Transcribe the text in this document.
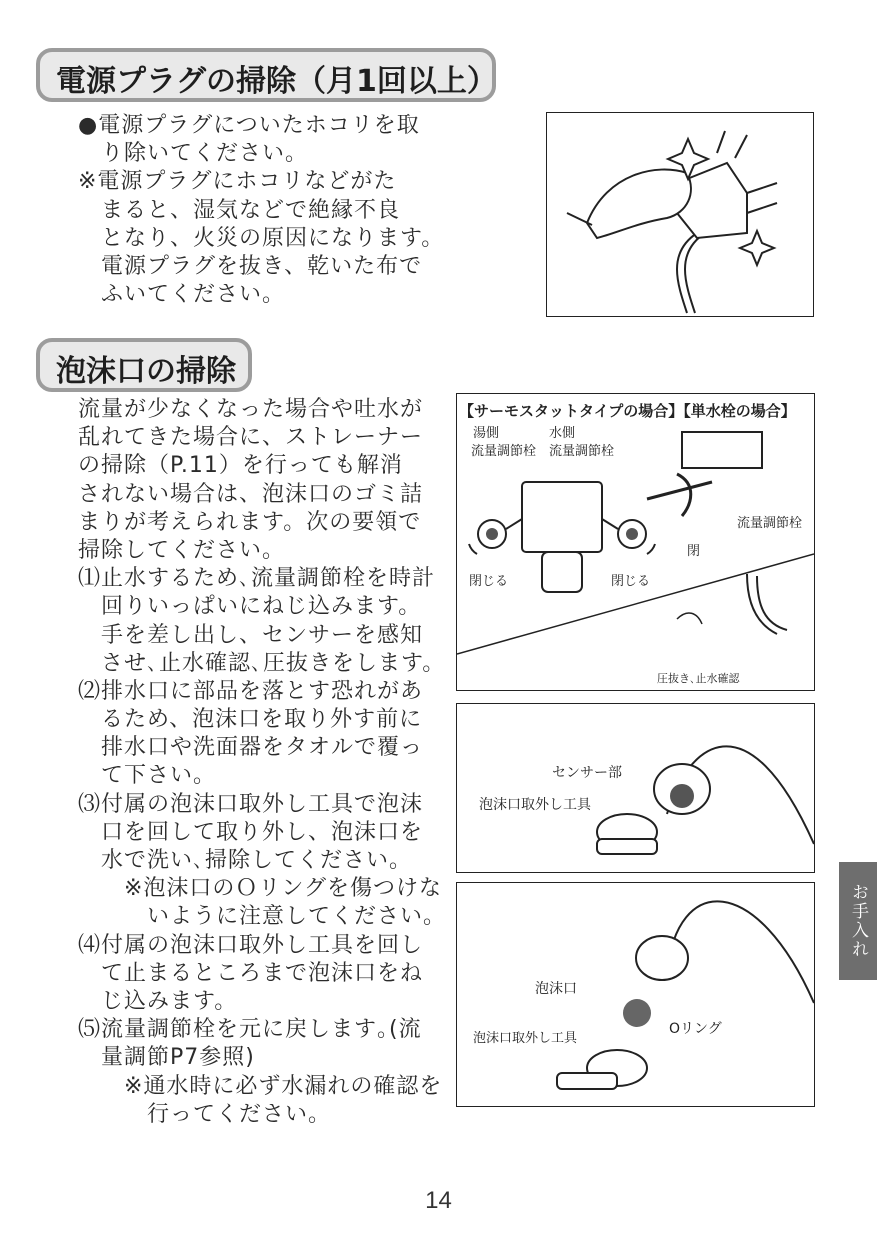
電源プラグの掃除（月1回以上）
●電源プラグについたホコリを取
　り除いてください。
※電源プラグにホコリなどがた
　まると、湿気などで絶縁不良
　となり、火災の原因になります。
　電源プラグを抜き、乾いた布で
　ふいてください。
泡沫口の掃除
流量が少なくなった場合や吐水が
乱れてきた場合に、ストレーナー
の掃除（P.11）を行っても解消
されない場合は、泡沫口のゴミ詰
まりが考えられます。次の要領で
掃除してください。
⑴止水するため､流量調節栓を時計
　回りいっぱいにねじ込みます。
　手を差し出し、センサーを感知
　させ､止水確認､圧抜きをします。
⑵排水口に部品を落とす恐れがあ
　るため、泡沫口を取り外す前に
　排水口や洗面器をタオルで覆っ
　て下さい。
⑶付属の泡沫口取外し工具で泡沫
　口を回して取り外し、泡沫口を
　水で洗い､掃除してください。
　　※泡沫口のＯリングを傷つけな
　　　いように注意してください。
⑷付属の泡沫口取外し工具を回し
　て止まるところまで泡沫口をね
　じ込みます。
⑸流量調節栓を元に戻します｡(流
　量調節P7参照)
　　※通水時に必ず水漏れの確認を
　　　行ってください。
【サーモスタットタイプの場合】【単水栓の場合】
湯側	水側
流量調節栓 流量調節栓
閉じる	閉じる
閉
流量調節栓
圧抜き､止水確認
センサー部
泡沫口取外し工具
泡沫口
Oリング
泡沫口取外し工具
お手入れ
14
